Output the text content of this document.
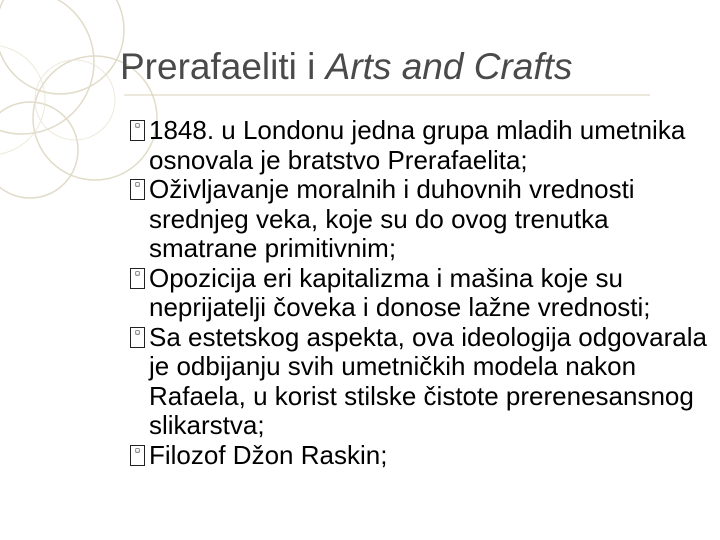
Prerafaeliti i Arts and Crafts
▫ 1848. u Londonu jedna grupa mladih umetnika osnovala je bratstvo Prerafaelita;
▫ Oživljavanje moralnih i duhovnih vrednosti srednjeg veka, koje su do ovog trenutka smatrane primitivnim;
▫ Opozicija eri kapitalizma i mašina koje su neprijatelji čoveka i donose lažne vrednosti;
▫ Sa estetskog aspekta, ova ideologija odgovarala je odbijanju svih umetničkih modela nakon Rafaela, u korist stilske čistote prerenesansnog slikarstva;
▫ Filozof Džon Raskin;
